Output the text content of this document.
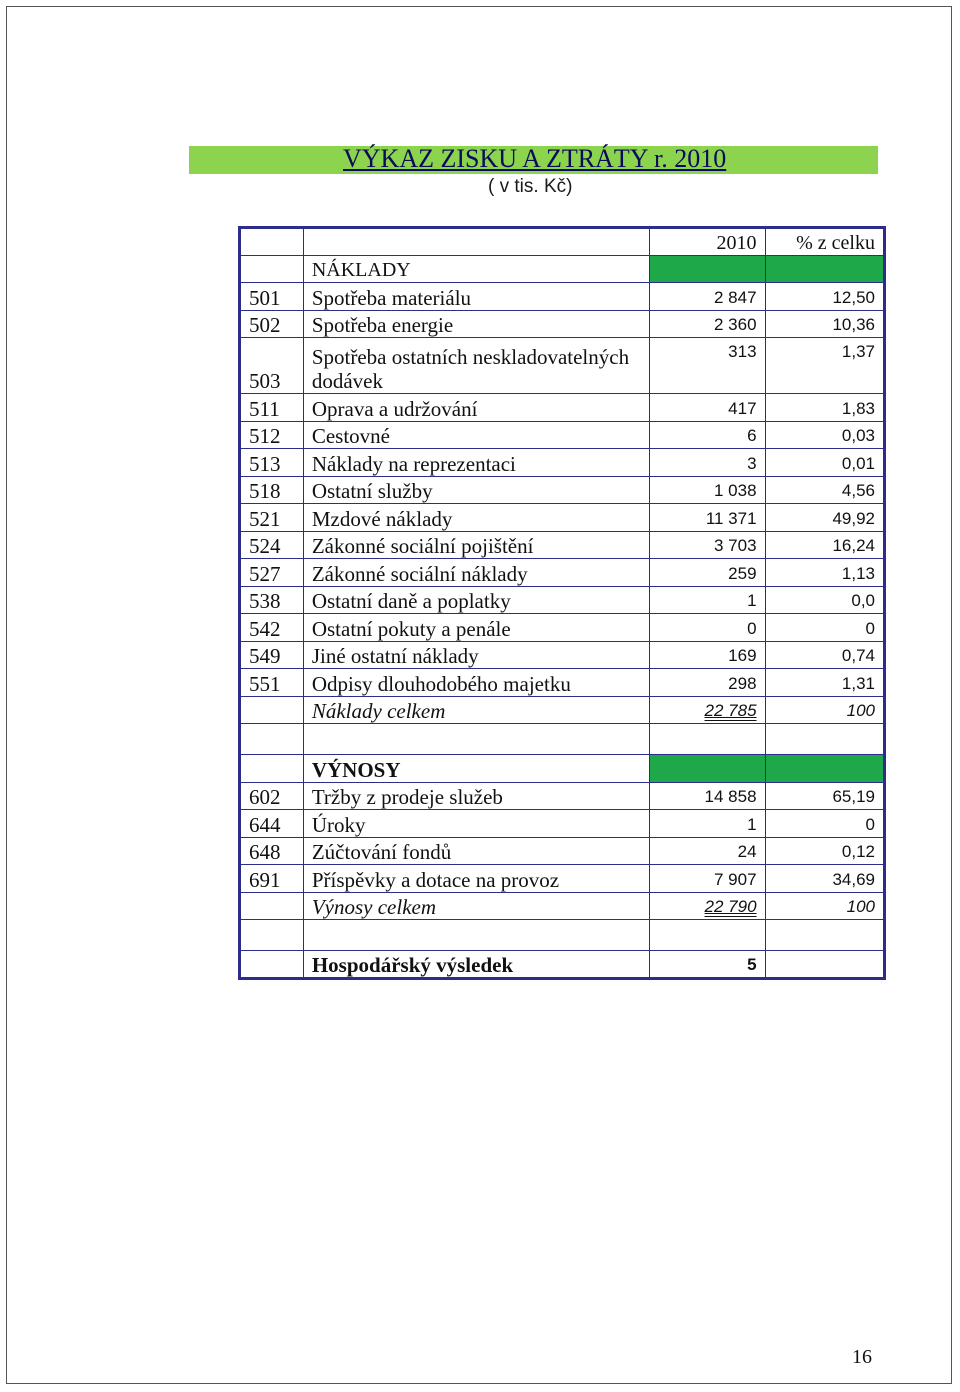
VÝKAZ ZISKU A ZTRÁTY r. 2010
( v tis. Kč)
		2010	% z celku
	NÁKLADY		
501	Spotřeba materiálu	2 847	12,50
502	Spotřeba energie	2 360	10,36
503	Spotřeba ostatních neskladovatelných dodávek	313	1,37
511	Oprava a udržování	417	1,83
512	Cestovné	6	0,03
513	Náklady na reprezentaci	3	0,01
518	Ostatní služby	1 038	4,56
521	Mzdové náklady	11 371	49,92
524	Zákonné sociální pojištění	3 703	16,24
527	Zákonné sociální náklady	259	1,13
538	Ostatní daně a poplatky	1	0,0
542	Ostatní pokuty a penále	0	0
549	Jiné ostatní náklady	169	0,74
551	Odpisy dlouhodobého majetku	298	1,31
	Náklady celkem	22 785	100

	VÝNOSY		
602	Tržby z prodeje služeb	14 858	65,19
644	Úroky	1	0
648	Zúčtování fondů	24	0,12
691	Příspěvky a dotace na provoz	7 907	34,69
	Výnosy celkem	22 790	100

	Hospodářský výsledek	5	
16
